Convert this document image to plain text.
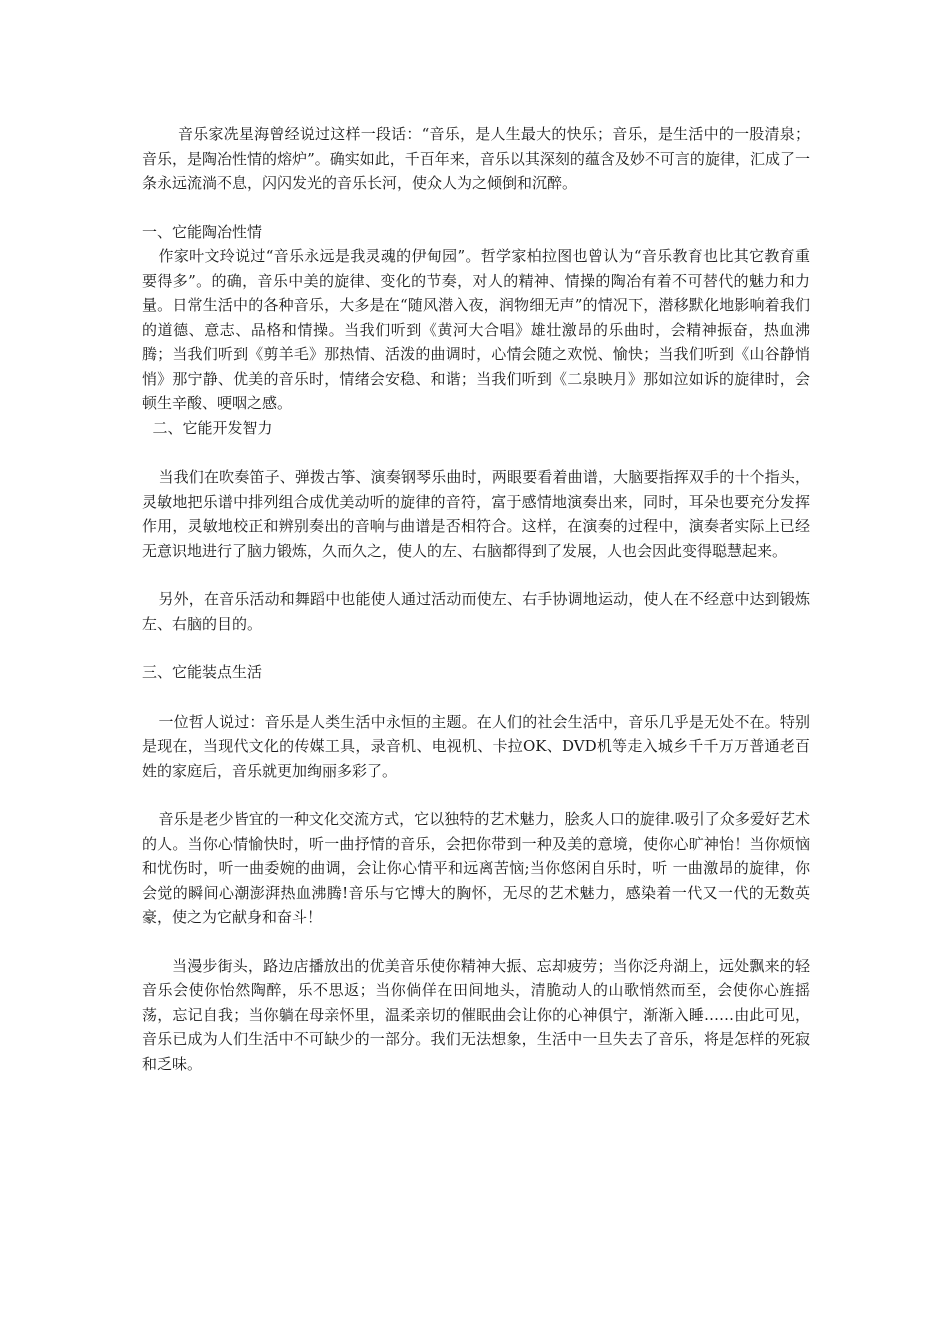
音乐家冼星海曾经说过这样一段话：“音乐，是人生最大的快乐；音乐，是生活中的一股清泉；音乐，是陶冶性情的熔炉”。确实如此，千百年来，音乐以其深刻的蕴含及妙不可言的旋律，汇成了一条永远流淌不息，闪闪发光的音乐长河，使众人为之倾倒和沉醉。

一、它能陶冶性情

作家叶文玲说过“音乐永远是我灵魂的伊甸园”。哲学家柏拉图也曾认为“音乐教育也比其它教育重要得多”。的确，音乐中美的旋律、变化的节奏，对人的精神、情操的陶冶有着不可替代的魅力和力量。日常生活中的各种音乐，大多是在“随风潜入夜，润物细无声”的情况下，潜移默化地影响着我们的道德、意志、品格和情操。当我们听到《黄河大合唱》雄壮激昂的乐曲时，会精神振奋，热血沸腾；当我们听到《剪羊毛》那热情、活泼的曲调时，心情会随之欢悦、愉快；当我们听到《山谷静悄悄》那宁静、优美的音乐时，情绪会安稳、和谐；当我们听到《二泉映月》那如泣如诉的旋律时，会顿生辛酸、哽咽之感。

二、它能开发智力

当我们在吹奏笛子、弹拨古筝、演奏钢琴乐曲时，两眼要看着曲谱，大脑要指挥双手的十个指头，灵敏地把乐谱中排列组合成优美动听的旋律的音符，富于感情地演奏出来，同时，耳朵也要充分发挥作用，灵敏地校正和辨别奏出的音响与曲谱是否相符合。这样，在演奏的过程中，演奏者实际上已经无意识地进行了脑力锻炼，久而久之，使人的左、右脑都得到了发展，人也会因此变得聪慧起来。

另外，在音乐活动和舞蹈中也能使人通过活动而使左、右手协调地运动，使人在不经意中达到锻炼左、右脑的目的。

三、它能装点生活

一位哲人说过：音乐是人类生活中永恒的主题。在人们的社会生活中，音乐几乎是无处不在。特别是现在，当现代文化的传媒工具，录音机、电视机、卡拉OK、DVD机等走入城乡千千万万普通老百姓的家庭后，音乐就更加绚丽多彩了。

音乐是老少皆宜的一种文化交流方式，它以独特的艺术魅力，脍炙人口的旋律.吸引了众多爱好艺术的人。当你心情愉快时，听一曲抒情的音乐，会把你带到一种及美的意境，使你心旷神怡！当你烦恼和忧伤时，听一曲委婉的曲调，会让你心情平和远离苦恼;当你悠闲自乐时，听 一曲激昂的旋律，你会觉的瞬间心潮澎湃热血沸腾!音乐与它博大的胸怀，无尽的艺术魅力，感染着一代又一代的无数英豪，使之为它献身和奋斗！

当漫步街头，路边店播放出的优美音乐使你精神大振、忘却疲劳；当你泛舟湖上，远处飘来的轻音乐会使你怡然陶醉，乐不思返；当你倘佯在田间地头，清脆动人的山歌悄然而至，会使你心旌摇荡，忘记自我；当你躺在母亲怀里，温柔亲切的催眠曲会让你的心神俱宁，渐渐入睡……由此可见，音乐已成为人们生活中不可缺少的一部分。我们无法想象，生活中一旦失去了音乐，将是怎样的死寂和乏味。
